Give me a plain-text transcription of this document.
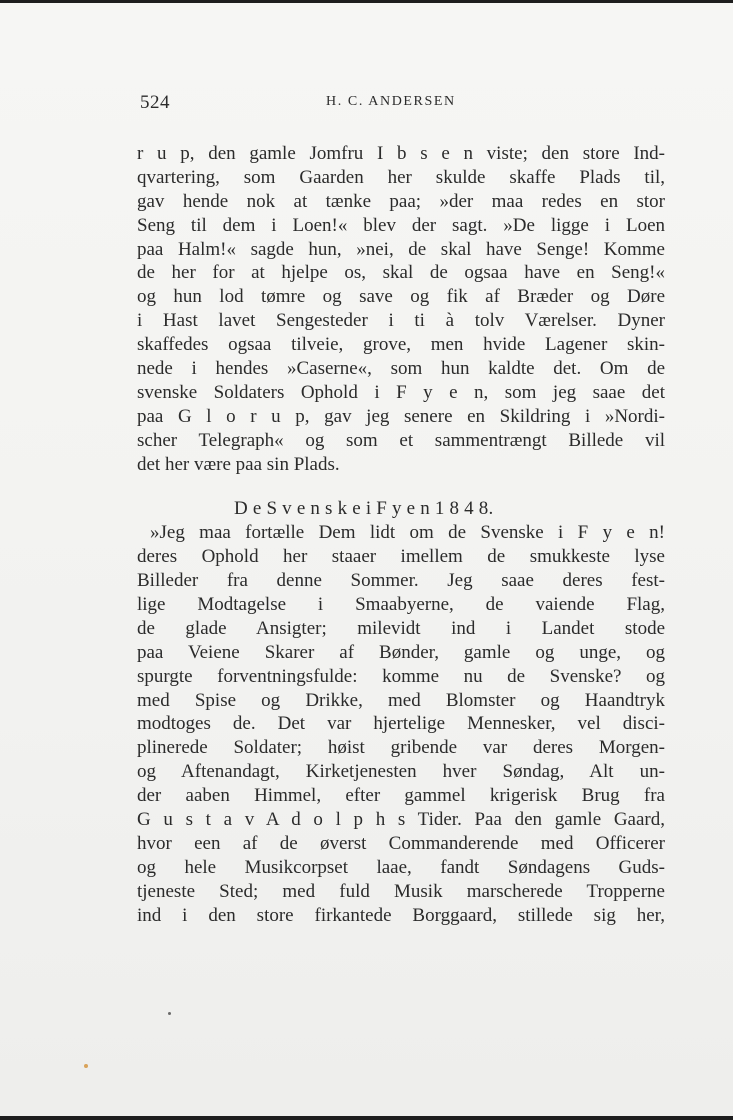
524	H. C. ANDERSEN
r u p, den gamle Jomfru I b s e n viste; den store Ind-
qvartering, som Gaarden her skulde skaffe Plads til,
gav hende nok at tænke paa; »der maa redes en stor
Seng til dem i Loen!« blev der sagt. »De ligge i Loen
paa Halm!« sagde hun, »nei, de skal have Senge! Komme
de her for at hjelpe os, skal de ogsaa have en Seng!«
og hun lod tømre og save og fik af Bræder og Døre
i Hast lavet Sengesteder i ti à tolv Værelser. Dyner
skaffedes ogsaa tilveie, grove, men hvide Lagener skin-
nede i hendes »Caserne«, som hun kaldte det. Om de
svenske Soldaters Ophold i F y e n, som jeg saae det
paa G l o r u p, gav jeg senere en Skildring i »Nordi-
scher Telegraph« og som et sammentrængt Billede vil
det her være paa sin Plads.
D e S v e n s k e i F y e n 1 8 4 8.
»Jeg maa fortælle Dem lidt om de Svenske i F y e n!
deres Ophold her staaer imellem de smukkeste lyse
Billeder fra denne Sommer. Jeg saae deres fest-
lige Modtagelse i Smaabyerne, de vaiende Flag,
de glade Ansigter; milevidt ind i Landet stode
paa Veiene Skarer af Bønder, gamle og unge, og
spurgte forventningsfulde: komme nu de Svenske? og
med Spise og Drikke, med Blomster og Haandtryk
modtoges de. Det var hjertelige Mennesker, vel disci-
plinerede Soldater; høist gribende var deres Morgen-
og Aftenandagt, Kirketjenesten hver Søndag, Alt un-
der aaben Himmel, efter gammel krigerisk Brug fra
G u s t a v A d o l p h s Tider. Paa den gamle Gaard,
hvor een af de øverst Commanderende med Officerer
og hele Musikcorpset laae, fandt Søndagens Guds-
tjeneste Sted; med fuld Musik marscherede Tropperne
ind i den store firkantede Borggaard, stillede sig her,
